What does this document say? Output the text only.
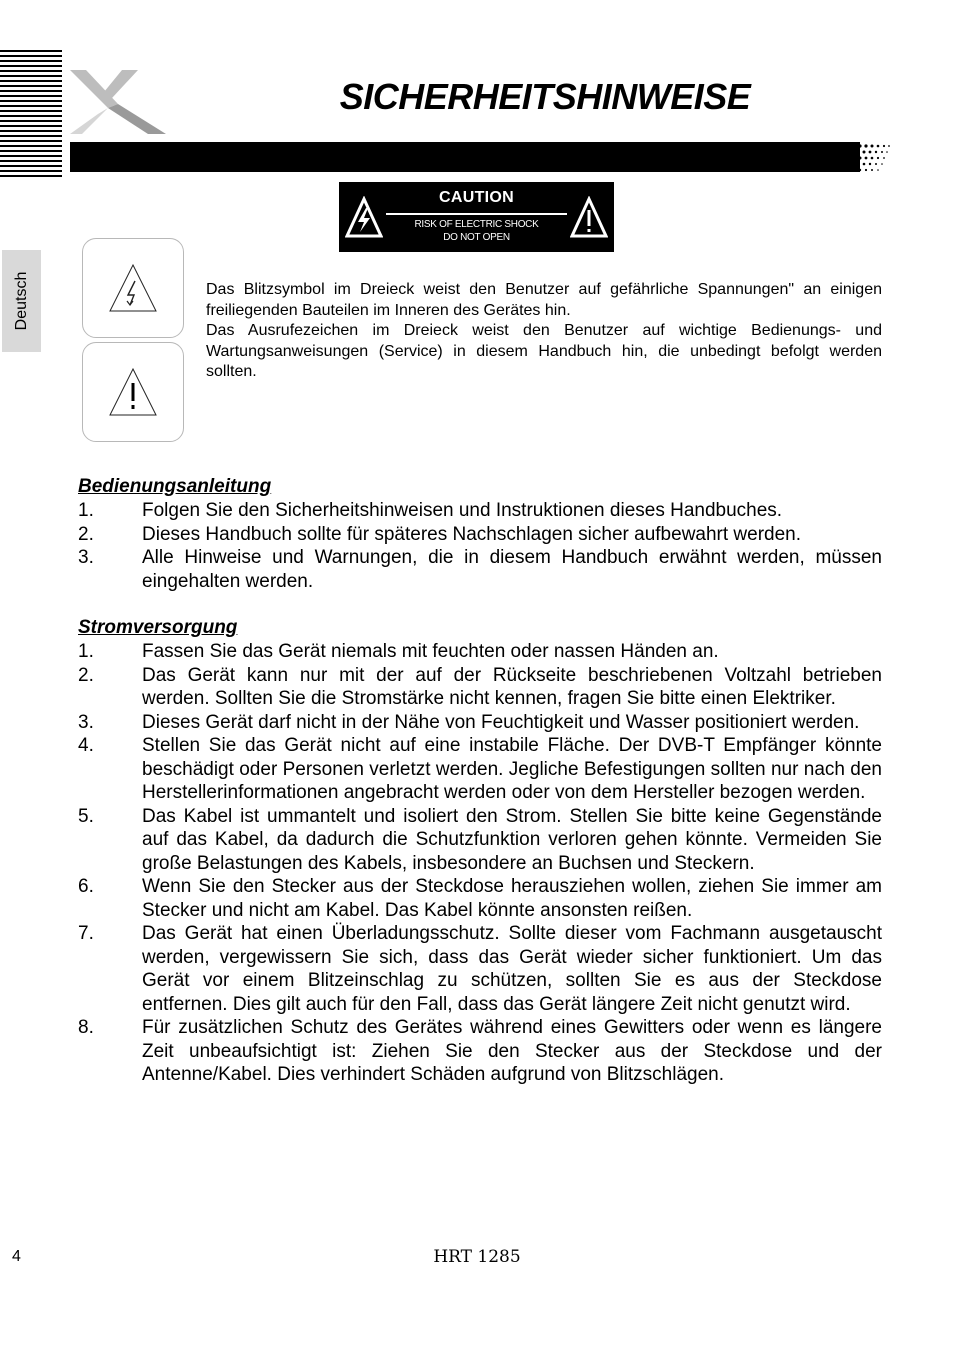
SICHERHEITSHINWEISE
CAUTION
RISK OF ELECTRIC SHOCK
DO NOT OPEN
Deutsch	Das Blitzsymbol im Dreieck weist den Benutzer auf gefährliche Spannungen" an einigen freiliegenden Bauteilen im Inneren des Gerätes hin.

Das Ausrufezeichen im Dreieck weist den Benutzer auf wichtige Bedienungs- und Wartungsanweisungen (Service) in diesem Handbuch hin, die unbedingt befolgt werden sollten.

Bedienungsanleitung
1.	Folgen Sie den Sicherheitshinweisen und Instruktionen dieses Handbuches.
2.	Dieses Handbuch sollte für späteres Nachschlagen sicher aufbewahrt werden.
3.	Alle Hinweise und Warnungen, die in diesem Handbuch erwähnt werden, müssen eingehalten werden.
Stromversorgung
1.	Fassen Sie das Gerät niemals mit feuchten oder nassen Händen an.
2.	Das Gerät kann nur mit der auf der Rückseite beschriebenen Voltzahl betrieben werden. Sollten Sie die Stromstärke nicht kennen, fragen Sie bitte einen Elektriker.
3.	Dieses Gerät darf nicht in der Nähe von Feuchtigkeit und Wasser positioniert werden.
4.	Stellen Sie das Gerät nicht auf eine instabile Fläche. Der DVB-T Empfänger könnte beschädigt oder Personen verletzt werden. Jegliche Befestigungen sollten nur nach den Herstellerinformationen angebracht werden oder von dem Hersteller bezogen werden.
5.	Das Kabel ist ummantelt und isoliert den Strom. Stellen Sie bitte keine Gegenstände auf das Kabel, da dadurch die Schutzfunktion verloren gehen könnte. Vermeiden Sie große Belastungen des Kabels, insbesondere an Buchsen und Steckern.
6.	Wenn Sie den Stecker aus der Steckdose herausziehen wollen, ziehen Sie immer am Stecker und nicht am Kabel. Das Kabel könnte ansonsten reißen.
7.	Das Gerät hat einen Überladungsschutz. Sollte dieser vom Fachmann ausgetauscht werden, vergewissern Sie sich, dass das Gerät wieder sicher funktioniert. Um das Gerät vor einem Blitzeinschlag zu schützen, sollten Sie es aus der Steckdose entfernen. Dies gilt auch für den Fall, dass das Gerät längere Zeit nicht genutzt wird.
8.	Für zusätzlichen Schutz des Gerätes während eines Gewitters oder wenn es längere Zeit unbeaufsichtigt ist: Ziehen Sie den Stecker aus der Steckdose und der Antenne/Kabel. Dies verhindert Schäden aufgrund von Blitzschlägen.
4	HRT 1285
